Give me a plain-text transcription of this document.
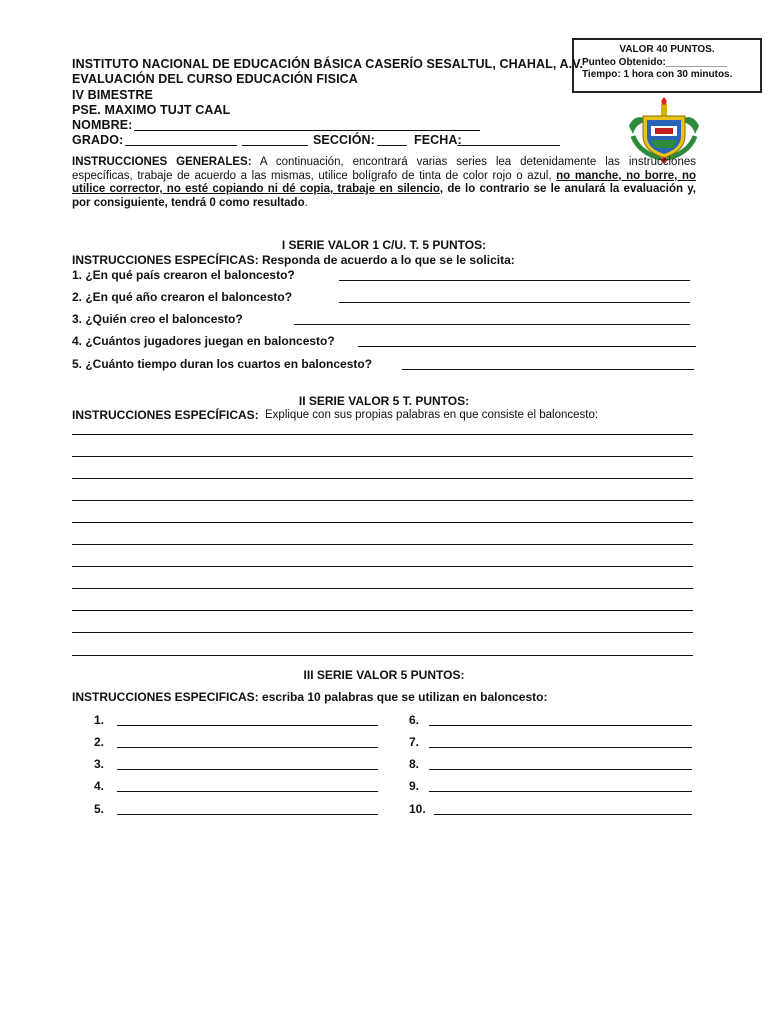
VALOR 40 PUNTOS.
Punteo Obtenido:___________
Tiempo: 1 hora con 30 minutos.
INSTITUTO NACIONAL DE EDUCACIÓN BÁSICA CASERÍO SESALTUL, CHAHAL, A.V.
EVALUACIÓN DEL CURSO EDUCACIÓN FISICA
IV BIMESTRE
PSE. MAXIMO TUJT CAAL
NOMBRE:
GRADO:	SECCIÓN:	FECHA:
INSTRUCCIONES GENERALES: A continuación, encontrará varias series lea detenidamente las instrucciones específicas, trabaje de acuerdo a las mismas, utilice bolígrafo de tinta de color rojo o azul, no manche, no borre, no utilice corrector, no esté copiando ni dé copia, trabaje en silencio, de lo contrario se le anulará la evaluación y, por consiguiente, tendrá 0 como resultado.
I SERIE VALOR 1 C/U. T. 5 PUNTOS:
INSTRUCCIONES ESPECÍFICAS: Responda de acuerdo a lo que se le solicita:
1. ¿En qué país crearon el baloncesto?
2. ¿En qué año crearon el baloncesto?
3. ¿Quién creo el baloncesto?
4. ¿Cuántos jugadores juegan en baloncesto?
5. ¿Cuánto tiempo duran los cuartos en baloncesto?
II SERIE VALOR 5 T. PUNTOS:
INSTRUCCIONES ESPECÍFICAS: Explique con sus propias palabras en que consiste el baloncesto:
III SERIE VALOR 5 PUNTOS:
INSTRUCCIONES ESPECIFICAS: escriba 10 palabras que se utilizan en baloncesto:
1.
2.
3.
4.
5.
6.
7.
8.
9.
10.
